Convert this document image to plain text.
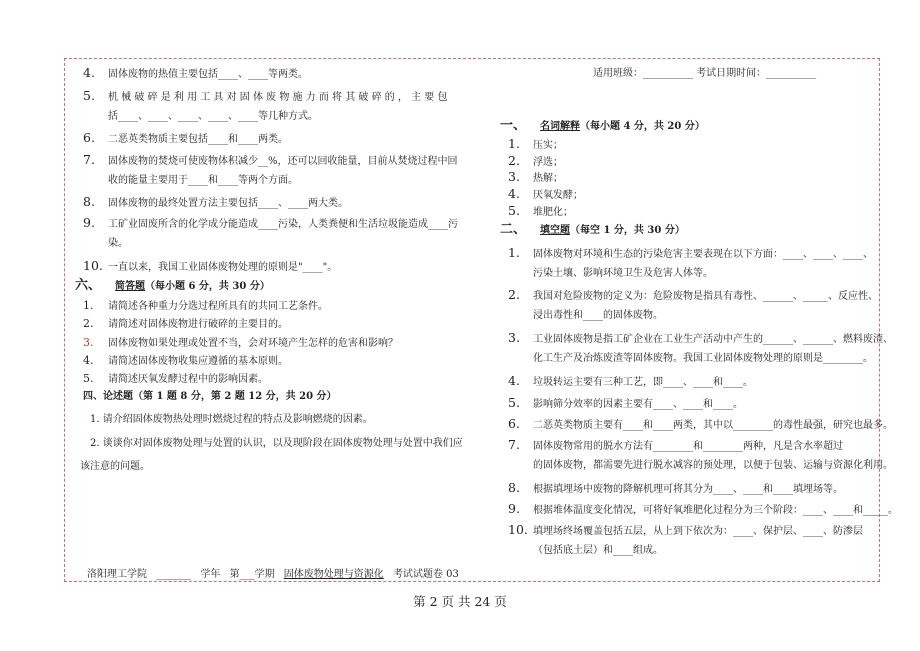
4. 固体废物的热值主要包括____、____等两类。
5. 机 械 破 碎 是 利 用 工 具 对 固 体 废 物 施 力 而 将 其 破 碎 的 ， 主 要 包
括____、____、____、____、____等几种方式。
6. 二恶英类物质主要包括____和____两类。
7. 固体废物的焚烧可使废物体积减少__%，还可以回收能量，目前从焚烧过程中回
收的能量主要用于____和____等两个方面。
8. 固体废物的最终处置方法主要包括____、____两大类。
9. 工矿业固废所含的化学成分能造成____污染，人类粪便和生活垃圾能造成____污
染。
10. 一直以来，我国工业固体废物处理的原则是"____"。
六、 简答题（每小题 6 分，共 30 分）
1. 请简述各种重力分选过程所具有的共同工艺条件。
2. 请简述对固体废物进行破碎的主要目的。
3. 固体废物如果处理或处置不当，会对环境产生怎样的危害和影响？
4. 请简述固体废物收集应遵循的基本原则。
5. 请简述厌氧发酵过程中的影响因素。
四、论述题（第 1 题 8 分，第 2 题 12 分，共 20 分）
1. 请介绍固体废物热处理时燃烧过程的特点及影响燃烧的因素。
2. 谈谈你对固体废物处理与处置的认识，以及现阶段在固体废物处理与处置中我们应
该注意的问题。
适用班级：__________ 考试日期时间：__________
一、 名词解释（每小题 4 分，共 20 分）
1. 压实；
2. 浮选；
3. 热解；
4. 厌氧发酵；
5. 堆肥化；
二、 填空题（每空 1 分，共 30 分）
1. 固体废物对环境和生态的污染危害主要表现在以下方面：____、____、____、
污染土壤、影响环境卫生及危害人体等。
2. 我国对危险废物的定义为：危险废物是指具有毒性、______、_____、反应性、
浸出毒性和____的固体废物。
3. 工业固体废物是指工矿企业在工业生产活动中产生的______、______、燃料废渣、
化工生产及冶炼废渣等固体废物。我国工业固体废物处理的原则是________。
4. 垃圾转运主要有三种工艺，即____、____和____。
5. 影响筛分效率的因素主要有____、____和____。
6. 二恶英类物质主要有____和____两类，其中以________的毒性最强，研究也最多。
7. 固体废物常用的脱水方法有________和________两种，凡是含水率超过
的固体废物，都需要先进行脱水减容的预处理，以便于包装、运输与资源化利用。
8. 根据填埋场中废物的降解机理可将其分为____、____和____填埋场等。
9. 根据堆体温度变化情况，可将好氧堆肥化过程分为三个阶段：____、____和_____。
10. 填埋场终场覆盖包括五层，从上到下依次为：____、保护层、____、防渗层
（包括底土层）和____组成。
洛阳理工学院 _______ 学年 第___学期 固体废物处理与资源化 考试试题卷 03
第 2 页 共 24 页
